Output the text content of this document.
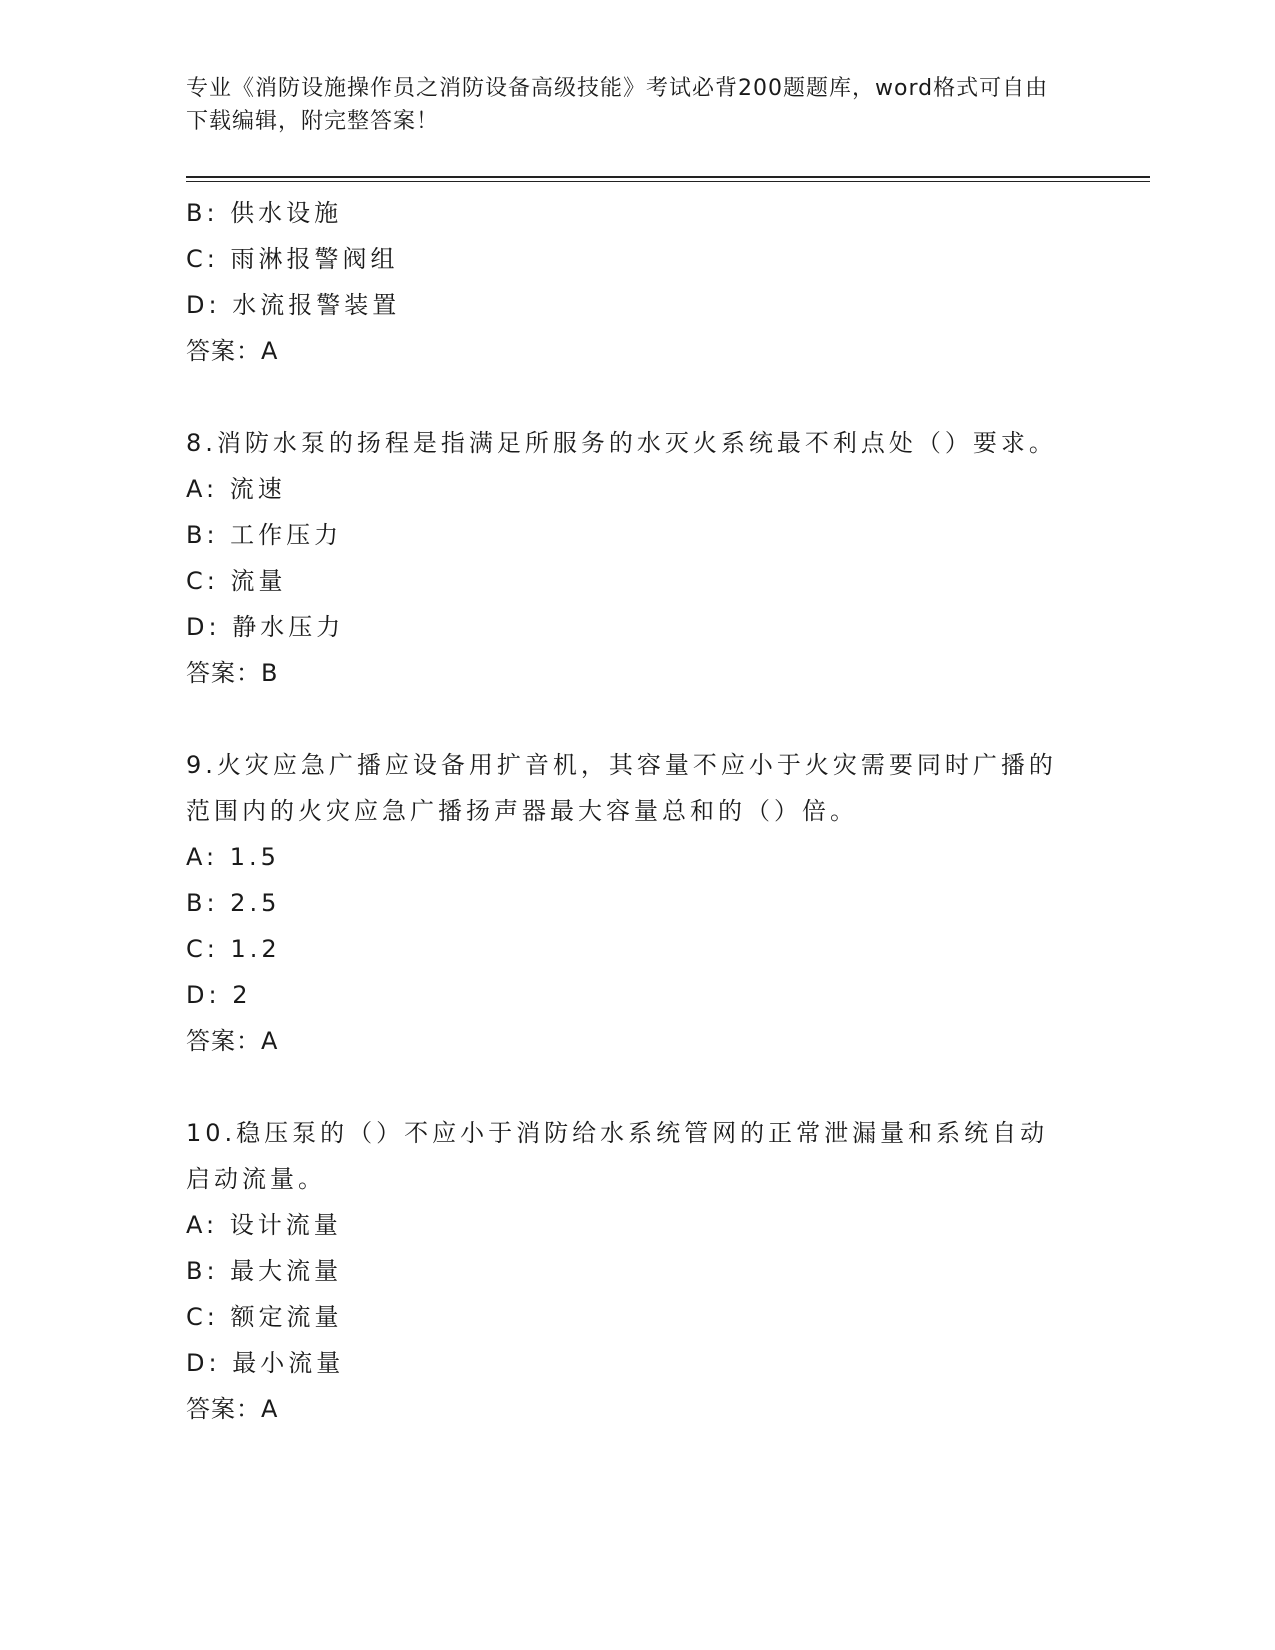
专业《消防设施操作员之消防设备高级技能》考试必背200题题库，word格式可自由下载编辑，附完整答案！
B: 供水设施
C: 雨淋报警阀组
D: 水流报警装置
答案：A
8.消防水泵的扬程是指满足所服务的水灭火系统最不利点处（）要求。
A: 流速
B: 工作压力
C: 流量
D: 静水压力
答案：B
9.火灾应急广播应设备用扩音机，其容量不应小于火灾需要同时广播的范围内的火灾应急广播扬声器最大容量总和的（）倍。
A: 1.5
B: 2.5
C: 1.2
D: 2
答案：A
10.稳压泵的（）不应小于消防给水系统管网的正常泄漏量和系统自动启动流量。
A: 设计流量
B: 最大流量
C: 额定流量
D: 最小流量
答案：A
